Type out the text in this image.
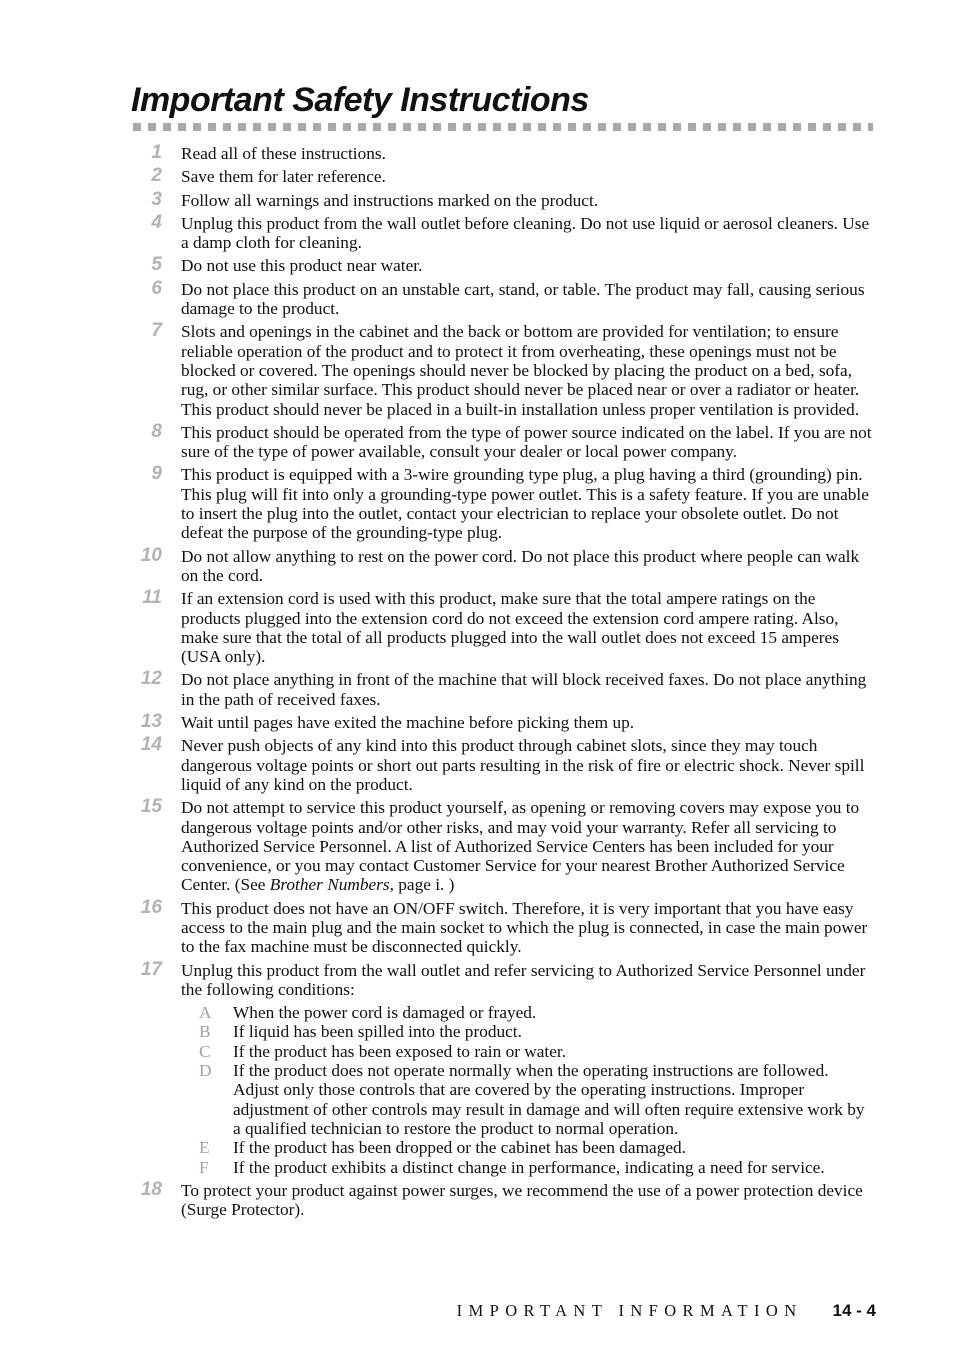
Important Safety Instructions
1 Read all of these instructions.
2 Save them for later reference.
3 Follow all warnings and instructions marked on the product.
4 Unplug this product from the wall outlet before cleaning. Do not use liquid or aerosol cleaners. Use a damp cloth for cleaning.
5 Do not use this product near water.
6 Do not place this product on an unstable cart, stand, or table. The product may fall, causing serious damage to the product.
7 Slots and openings in the cabinet and the back or bottom are provided for ventilation; to ensure reliable operation of the product and to protect it from overheating, these openings must not be blocked or covered. The openings should never be blocked by placing the product on a bed, sofa, rug, or other similar surface. This product should never be placed near or over a radiator or heater. This product should never be placed in a built-in installation unless proper ventilation is provided.
8 This product should be operated from the type of power source indicated on the label. If you are not sure of the type of power available, consult your dealer or local power company.
9 This product is equipped with a 3-wire grounding type plug, a plug having a third (grounding) pin. This plug will fit into only a grounding-type power outlet. This is a safety feature. If you are unable to insert the plug into the outlet, contact your electrician to replace your obsolete outlet. Do not defeat the purpose of the grounding-type plug.
10 Do not allow anything to rest on the power cord. Do not place this product where people can walk on the cord.
11 If an extension cord is used with this product, make sure that the total ampere ratings on the products plugged into the extension cord do not exceed the extension cord ampere rating. Also, make sure that the total of all products plugged into the wall outlet does not exceed 15 amperes (USA only).
12 Do not place anything in front of the machine that will block received faxes. Do not place anything in the path of received faxes.
13 Wait until pages have exited the machine before picking them up.
14 Never push objects of any kind into this product through cabinet slots, since they may touch dangerous voltage points or short out parts resulting in the risk of fire or electric shock. Never spill liquid of any kind on the product.
15 Do not attempt to service this product yourself, as opening or removing covers may expose you to dangerous voltage points and/or other risks, and may void your warranty. Refer all servicing to Authorized Service Personnel. A list of Authorized Service Centers has been included for your convenience, or you may contact Customer Service for your nearest Brother Authorized Service Center. (See Brother Numbers, page i. )
16 This product does not have an ON/OFF switch. Therefore, it is very important that you have easy access to the main plug and the main socket to which the plug is connected, in case the main power to the fax machine must be disconnected quickly.
17 Unplug this product from the wall outlet and refer servicing to Authorized Service Personnel under the following conditions:
A	When the power cord is damaged or frayed.
B	If liquid has been spilled into the product.
C	If the product has been exposed to rain or water.
D	If the product does not operate normally when the operating instructions are followed. Adjust only those controls that are covered by the operating instructions. Improper adjustment of other controls may result in damage and will often require extensive work by a qualified technician to restore the product to normal operation.
E	If the product has been dropped or the cabinet has been damaged.
F	If the product exhibits a distinct change in performance, indicating a need for service.
18 To protect your product against power surges, we recommend the use of a power protection device (Surge Protector).
IMPORTANT INFORMATION 14 - 4
